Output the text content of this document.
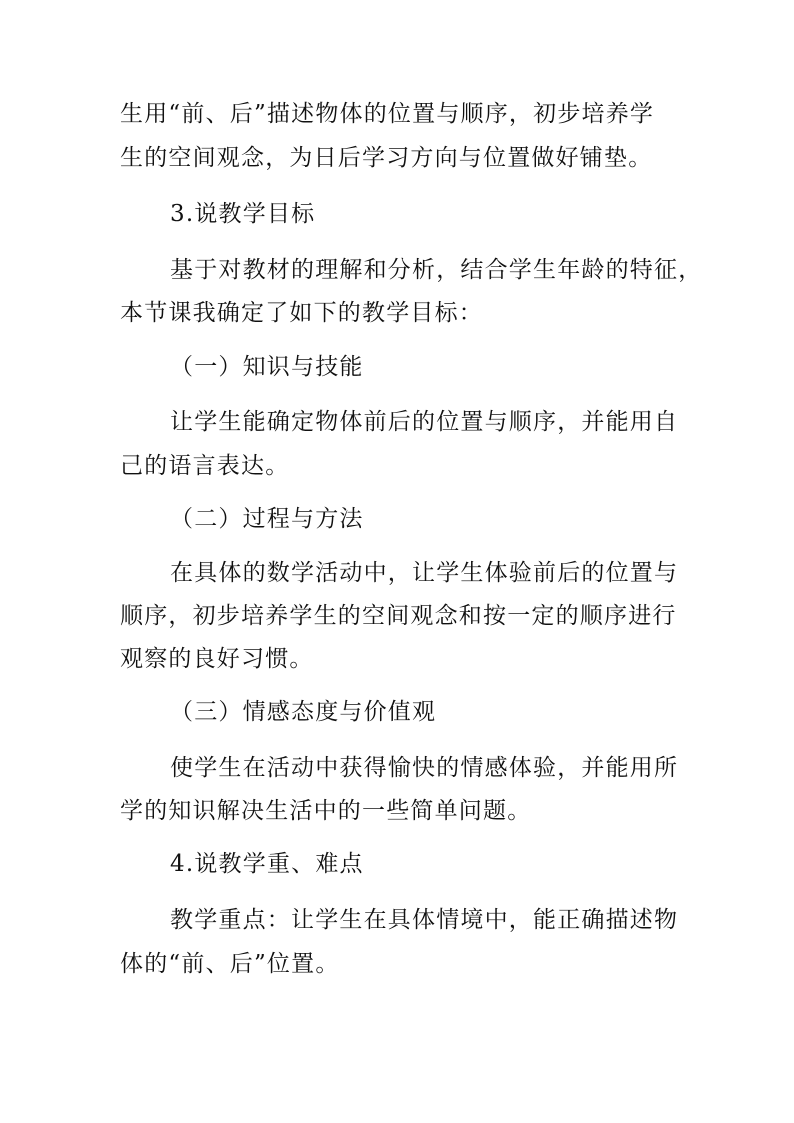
生用“前、后”描述物体的位置与顺序，初步培养学
生的空间观念，为日后学习方向与位置做好铺垫。
3.说教学目标
基于对教材的理解和分析，结合学生年龄的特征，
本节课我确定了如下的教学目标：
（一）知识与技能
让学生能确定物体前后的位置与顺序，并能用自
己的语言表达。
（二）过程与方法
在具体的数学活动中，让学生体验前后的位置与
顺序，初步培养学生的空间观念和按一定的顺序进行
观察的良好习惯。
（三）情感态度与价值观
使学生在活动中获得愉快的情感体验，并能用所
学的知识解决生活中的一些简单问题。
4.说教学重、难点
教学重点：让学生在具体情境中，能正确描述物
体的“前、后”位置。
